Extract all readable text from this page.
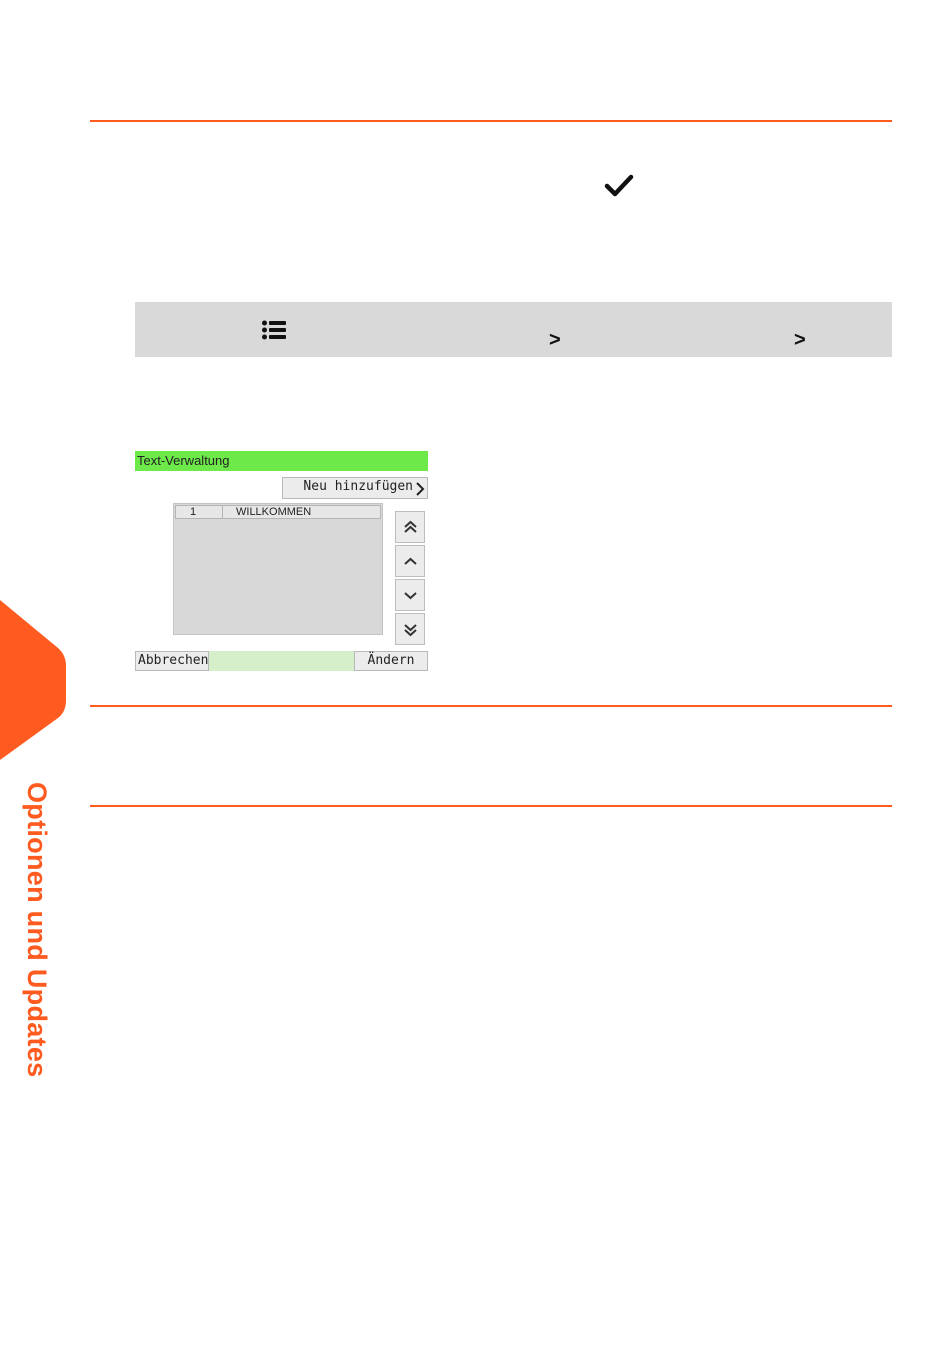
>	>
Text-Verwaltung
Neu hinzufügen
1	WILLKOMMEN
Abbrechen	Ändern
Optionen und Updates
